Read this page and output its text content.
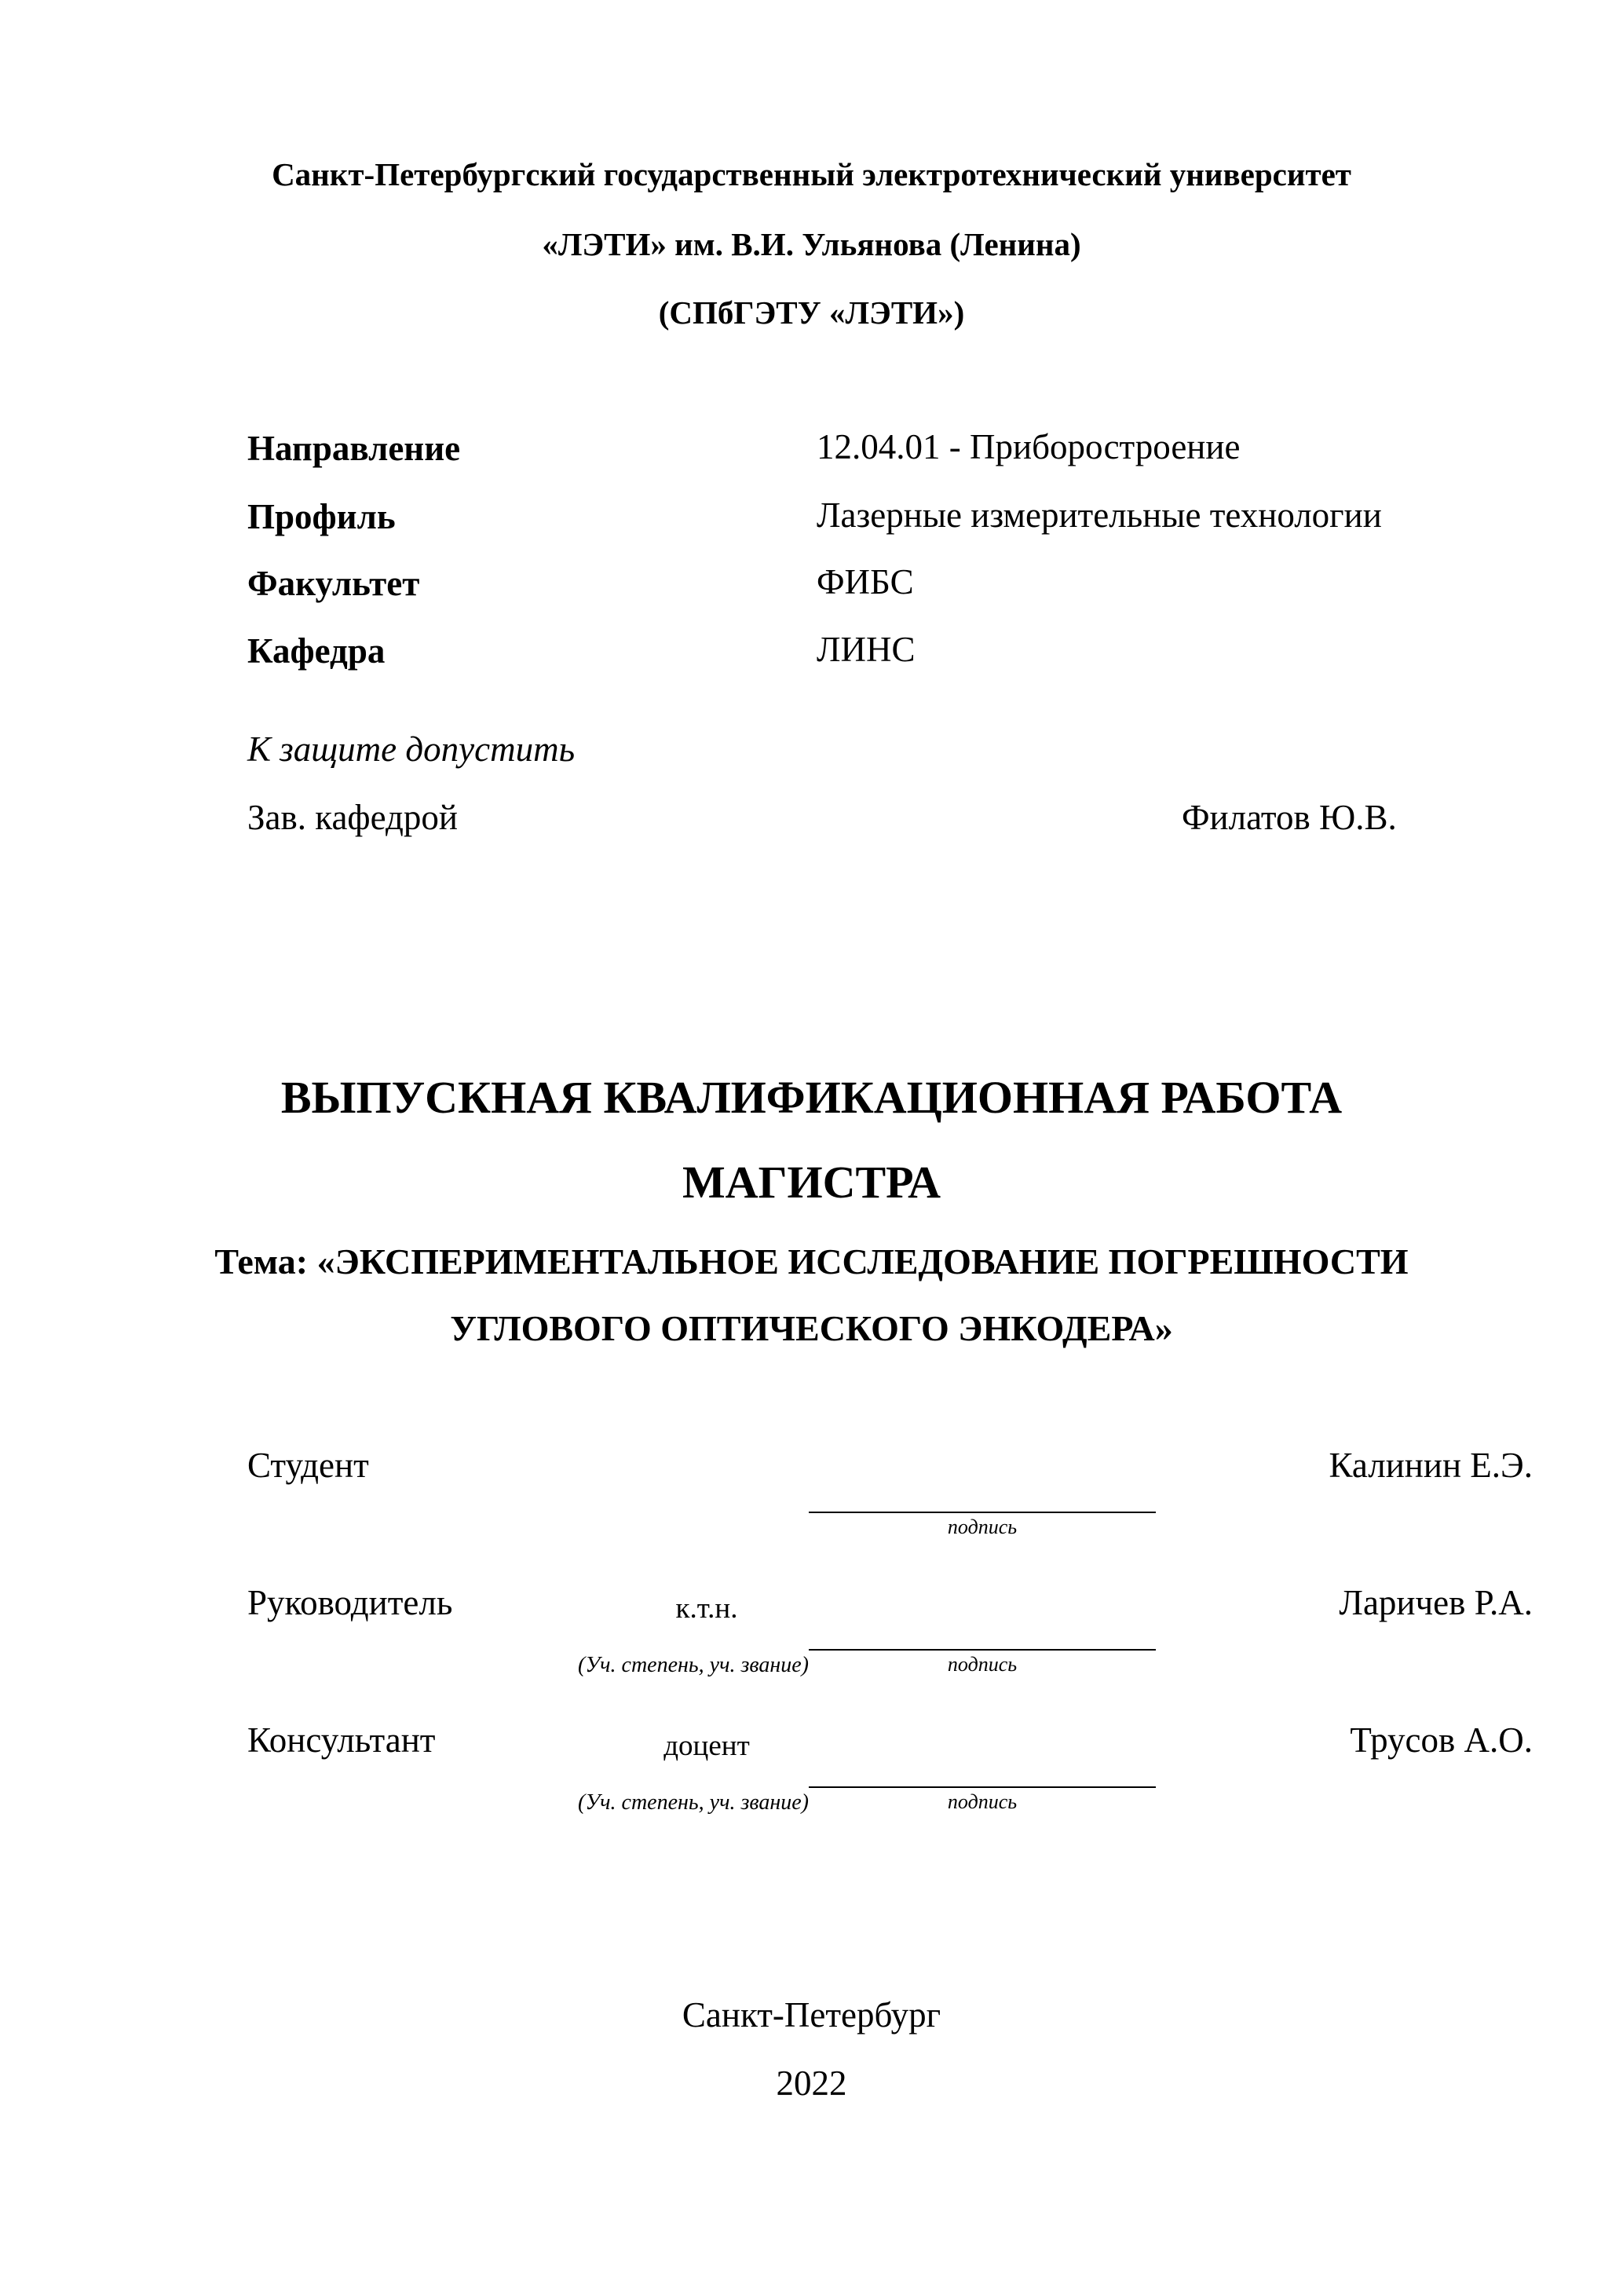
Санкт-Петербургский государственный электротехнический университет
«ЛЭТИ» им. В.И. Ульянова (Ленина)
(СПбГЭТУ «ЛЭТИ»)
Направление	12.04.01 - Приборостроение
Профиль	Лазерные измерительные технологии
Факультет	ФИБС
Кафедра	ЛИНС
К защите допустить
Зав. кафедрой	Филатов Ю.В.
ВЫПУСКНАЯ КВАЛИФИКАЦИОННАЯ РАБОТА
МАГИСТРА
Тема: «ЭКСПЕРИМЕНТАЛЬНОЕ ИССЛЕДОВАНИЕ ПОГРЕШНОСТИ
УГЛОВОГО ОПТИЧЕСКОГО ЭНКОДЕРА»
Студент	Калинин Е.Э.
подпись
Руководитель	к.т.н.	Ларичев Р.А.
(Уч. степень, уч. звание)	подпись
Консультант	доцент	Трусов А.О.
(Уч. степень, уч. звание)	подпись
Санкт-Петербург
2022
